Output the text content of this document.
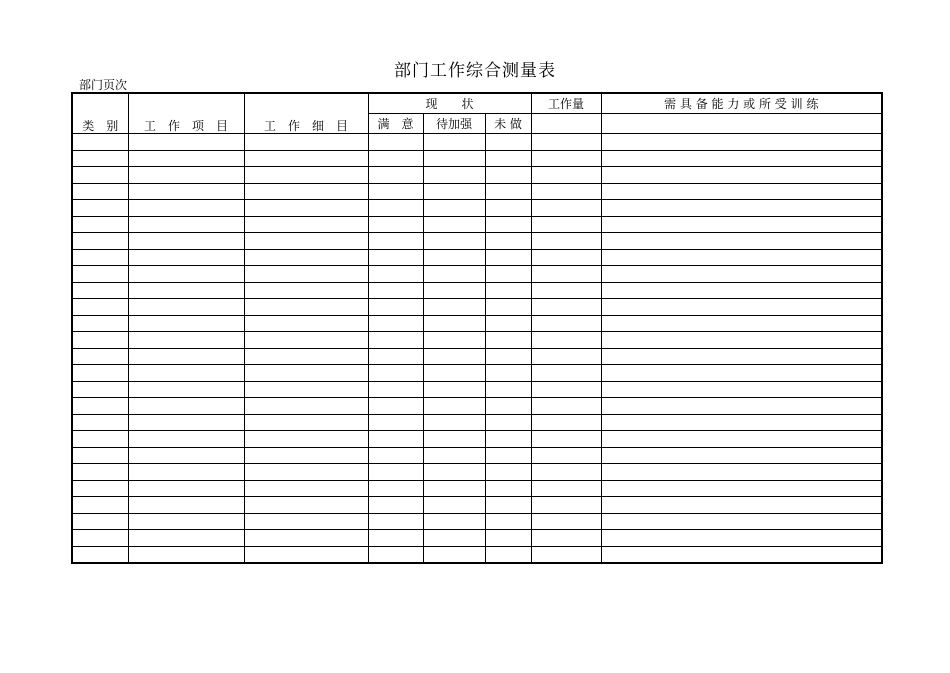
部门工作综合测量表
部门页次
类　别	工　作　项　目	工　作　细　目	现　　状			工作量	需 具 备 能 力 或 所 受 训 练
			满　意	待加强	未 做		
